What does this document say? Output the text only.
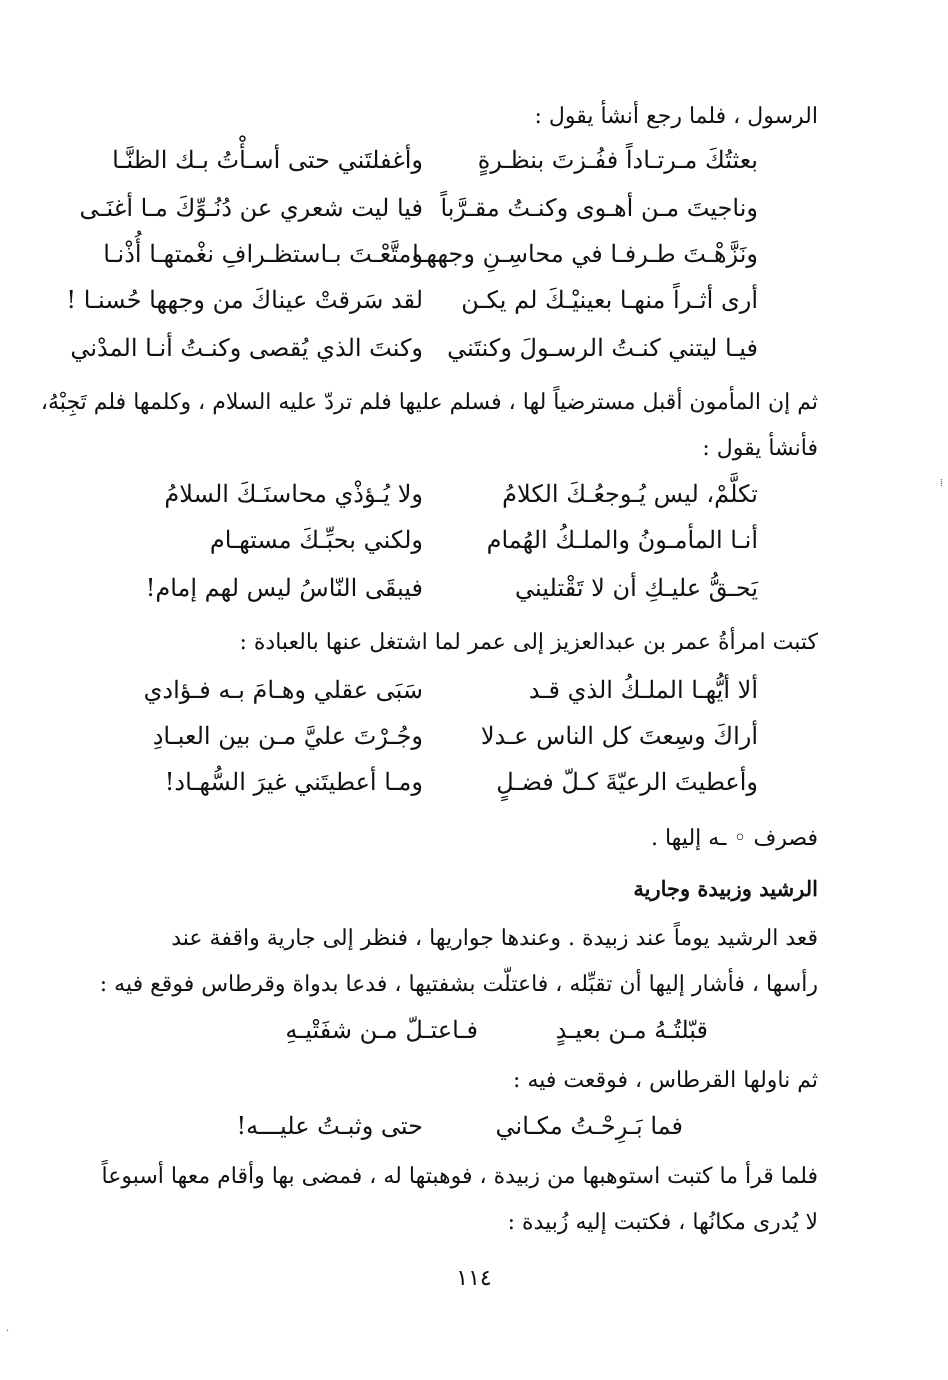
الرسول ، فلما رجع أنشأ يقول :
بعثتُكَ مـرتـاداً ففُـزتَ بنظـرةٍ
وأغفلتَني حتى أسـأْتُ بـك الظنَّـا
وناجيتَ مـن أهـوى وكنـتُ مقـرَّباً
فيا ليت شعري عن دُنُـوِّكَ مـا أغنَـى
ونَزَّهْـتَ طـرفـا في محاسِـنِ وجههـا
ومتَّعْـتَ بـاستظـرافِ نغْمتهـا أُذْنـا
أرى أثـراً منهـا بعينيْـكَ لم يكـن
لقد سَرقتْ عيناكَ من وجهها حُسنـا !
فيـا ليتني كنـتُ الرسـولَ وكنتَني
وكنتَ الذي يُقصى وكنـتُ أنـا المدْني
ثم إن المأمون أقبل مسترضياً لها ، فسلم عليها فلم تردّ عليه السلام ، وكلمها فلم تَجِبْهُ،
فأنشأ يقول :
تكلَّمْ، ليس يُـوجعُـكَ الكلامُ
ولا يُـؤذْي محاسنَـكَ السلامُ
أنـا المأمـونُ والملـكُ الهُمام
ولكني بحبِّـكَ مستهـام
يَحـقُّ عليـكِ أن لا تَقْتليني
فيبقَى النّاسُ ليس لهم إمام!
كتبت امرأةُ عمر بن عبدالعزيز إلى عمر لما اشتغل عنها بالعبادة :
ألا أيُّهـا الملـكُ الذي قـد
سَبَى عقلي وهـامَ بـه فـؤادي
أراكَ وسِعتَ كل الناس عـدلا
وجُـرْتَ عليَّ مـن بين العبـادِ
وأعطيتَ الرعيّةَ كـلّ فضـلٍ
ومـا أعطيتَني غيرَ السُّهـاد!
فصرف ◦ ـه إليها .
الرشيد وزبيدة وجارية
قعد الرشيد يوماً عند زبيدة . وعندها جواريها ، فنظر إلى جارية واقفة عند
رأسها ، فأشار إليها أن تقبِّله ، فاعتلّت بشفتيها ، فدعا بدواة وقرطاس فوقع فيه :
قبّلتُـهُ مـن بعيـدٍ
فـاعتـلّ مـن شفَتْيـهِ
ثم ناولها القرطاس ، فوقعت فيه :
فما بَـرِحْـتُ مكـاني
حتى وثبـتُ عليـــه!
فلما قرأ ما كتبت استوهبها من زبيدة ، فوهبتها له ، فمضى بها وأقام معها أسبوعاً
لا يُدرى مكانُها ، فكتبت إليه زُبيدة :
١١٤
⁞
·
